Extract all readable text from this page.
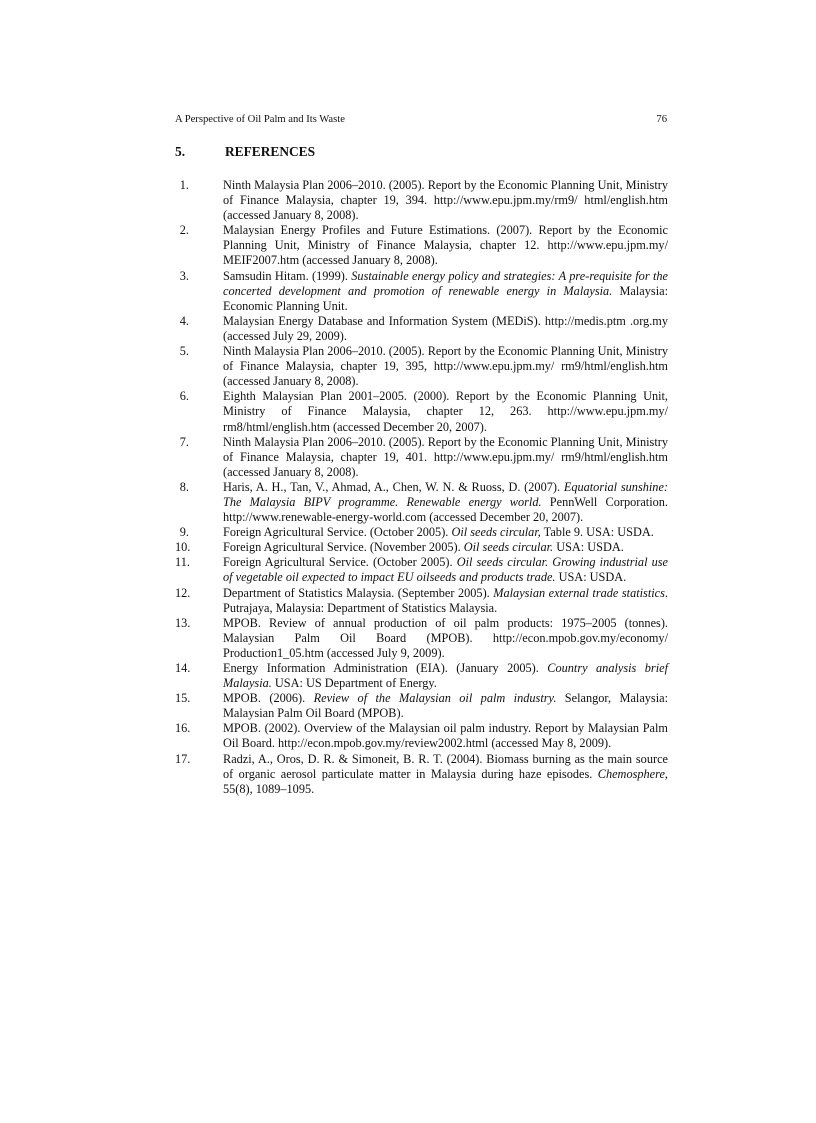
A Perspective of Oil Palm and Its Waste	76
5.	REFERENCES
1.	Ninth Malaysia Plan 2006–2010. (2005). Report by the Economic Planning Unit, Ministry of Finance Malaysia, chapter 19, 394. http://www.epu.jpm.my/rm9/ html/english.htm (accessed January 8, 2008).
2.	Malaysian Energy Profiles and Future Estimations. (2007). Report by the Economic Planning Unit, Ministry of Finance Malaysia, chapter 12. http://www.epu.jpm.my/ MEIF2007.htm (accessed January 8, 2008).
3.	Samsudin Hitam. (1999). Sustainable energy policy and strategies: A pre-requisite for the concerted development and promotion of renewable energy in Malaysia. Malaysia: Economic Planning Unit.
4.	Malaysian Energy Database and Information System (MEDiS). http://medis.ptm .org.my (accessed July 29, 2009).
5.	Ninth Malaysia Plan 2006–2010. (2005). Report by the Economic Planning Unit, Ministry of Finance Malaysia, chapter 19, 395, http://www.epu.jpm.my/ rm9/html/english.htm (accessed January 8, 2008).
6.	Eighth Malaysian Plan 2001–2005. (2000). Report by the Economic Planning Unit, Ministry of Finance Malaysia, chapter 12, 263. http://www.epu.jpm.my/ rm8/html/english.htm (accessed December 20, 2007).
7.	Ninth Malaysia Plan 2006–2010. (2005). Report by the Economic Planning Unit, Ministry of Finance Malaysia, chapter 19, 401. http://www.epu.jpm.my/ rm9/html/english.htm (accessed January 8, 2008).
8.	Haris, A. H., Tan, V., Ahmad, A., Chen, W. N. & Ruoss, D. (2007). Equatorial sunshine: The Malaysia BIPV programme. Renewable energy world. PennWell Corporation. http://www.renewable-energy-world.com (accessed December 20, 2007).
9.	Foreign Agricultural Service. (October 2005). Oil seeds circular, Table 9. USA: USDA.
10.	Foreign Agricultural Service. (November 2005). Oil seeds circular. USA: USDA.
11.	Foreign Agricultural Service. (October 2005). Oil seeds circular. Growing industrial use of vegetable oil expected to impact EU oilseeds and products trade. USA: USDA.
12.	Department of Statistics Malaysia. (September 2005). Malaysian external trade statistics. Putrajaya, Malaysia: Department of Statistics Malaysia.
13.	MPOB. Review of annual production of oil palm products: 1975–2005 (tonnes). Malaysian Palm Oil Board (MPOB). http://econ.mpob.gov.my/economy/ Production1_05.htm (accessed July 9, 2009).
14.	Energy Information Administration (EIA). (January 2005). Country analysis brief Malaysia. USA: US Department of Energy.
15.	MPOB. (2006). Review of the Malaysian oil palm industry. Selangor, Malaysia: Malaysian Palm Oil Board (MPOB).
16.	MPOB. (2002). Overview of the Malaysian oil palm industry. Report by Malaysian Palm Oil Board. http://econ.mpob.gov.my/review2002.html (accessed May 8, 2009).
17.	Radzi, A., Oros, D. R. & Simoneit, B. R. T. (2004). Biomass burning as the main source of organic aerosol particulate matter in Malaysia during haze episodes. Chemosphere, 55(8), 1089–1095.
